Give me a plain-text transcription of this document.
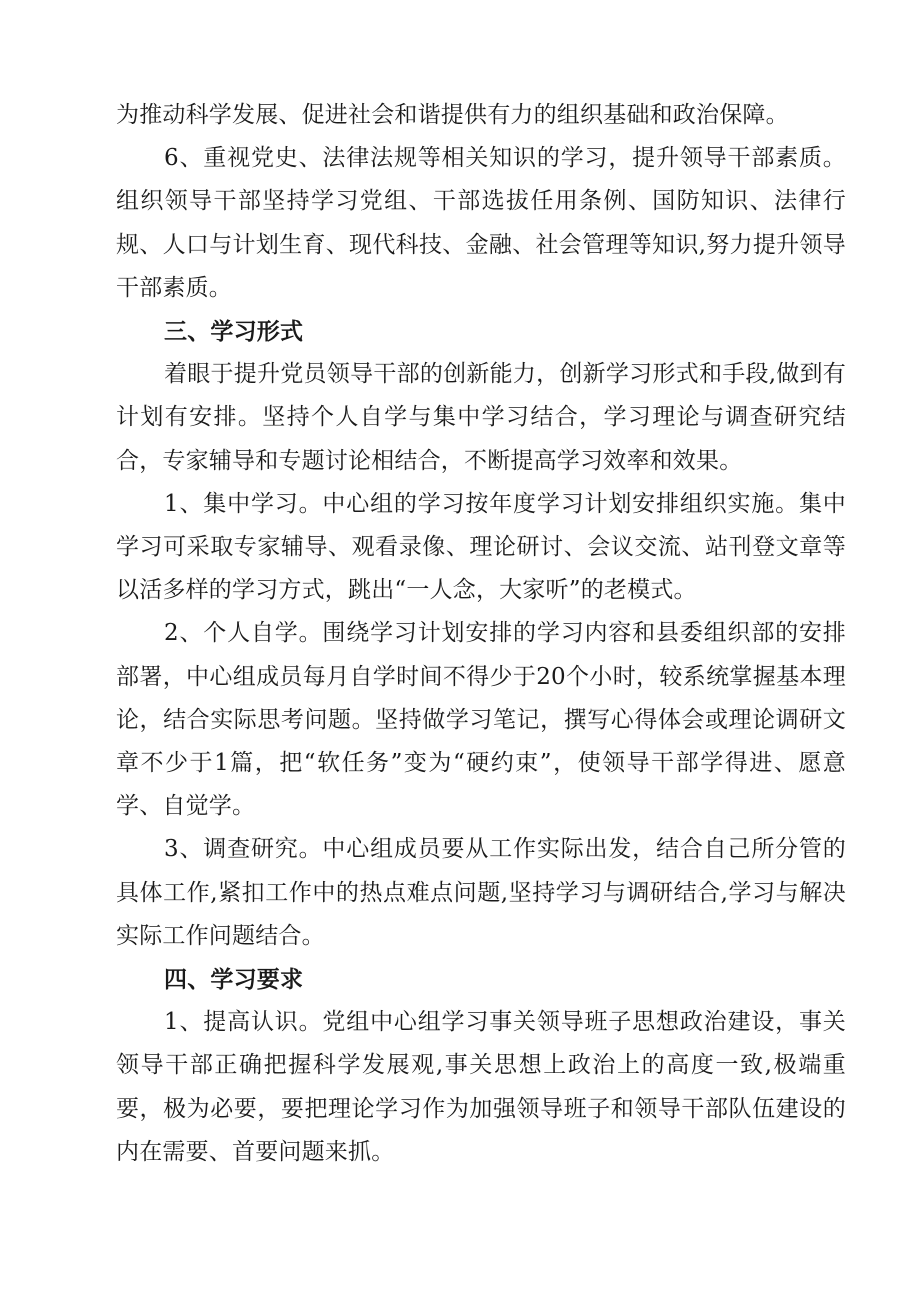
为推动科学发展、促进社会和谐提供有力的组织基础和政治保障。

6、重视党史、法律法规等相关知识的学习，提升领导干部素质。组织领导干部坚持学习党组、干部选拔任用条例、国防知识、法律行规、人口与计划生育、现代科技、金融、社会管理等知识,努力提升领导干部素质。

三、学习形式

着眼于提升党员领导干部的创新能力，创新学习形式和手段,做到有计划有安排。坚持个人自学与集中学习结合，学习理论与调查研究结合，专家辅导和专题讨论相结合，不断提高学习效率和效果。

1、集中学习。中心组的学习按年度学习计划安排组织实施。集中学习可采取专家辅导、观看录像、理论研讨、会议交流、站刊登文章等以活多样的学习方式，跳出“一人念，大家听”的老模式。

2、个人自学。围绕学习计划安排的学习内容和县委组织部的安排部署，中心组成员每月自学时间不得少于20个小时，较系统掌握基本理论，结合实际思考问题。坚持做学习笔记，撰写心得体会或理论调研文章不少于1篇，把“软任务”变为“硬约束”，使领导干部学得进、愿意学、自觉学。

3、调查研究。中心组成员要从工作实际出发，结合自己所分管的具体工作,紧扣工作中的热点难点问题,坚持学习与调研结合,学习与解决实际工作问题结合。

四、学习要求

1、提高认识。党组中心组学习事关领导班子思想政治建设，事关领导干部正确把握科学发展观,事关思想上政治上的高度一致,极端重要，极为必要，要把理论学习作为加强领导班子和领导干部队伍建设的内在需要、首要问题来抓。
